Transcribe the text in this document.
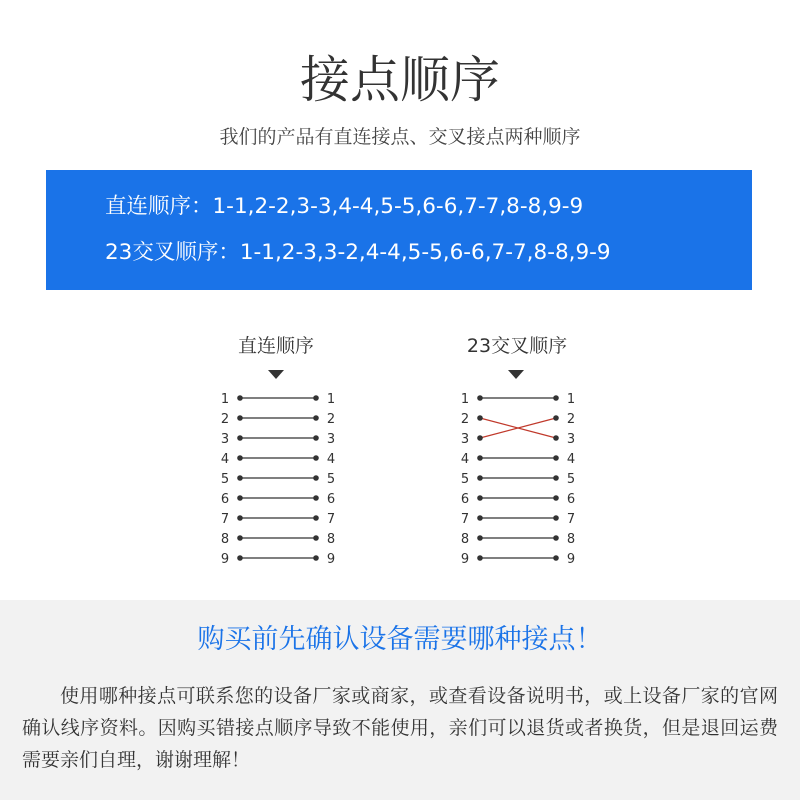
接点顺序
我们的产品有直连接点、交叉接点两种顺序
直连顺序：1-1,2-2,3-3,4-4,5-5,6-6,7-7,8-8,9-9
23交叉顺序：1-1,2-3,3-2,4-4,5-5,6-6,7-7,8-8,9-9
直连顺序	23交叉顺序
1	1
2	2
3	3
4	4
5	5
6	6
7	7
8	8
9	9
1	1
2	2
3	3
4	4
5	5
6	6
7	7
8	8
9	9
购买前先确认设备需要哪种接点！
使用哪种接点可联系您的设备厂家或商家，或查看设备说明书，或上设备厂家的官网确认线序资料。因购买错接点顺序导致不能使用，亲们可以退货或者换货，但是退回运费需要亲们自理，谢谢理解！
